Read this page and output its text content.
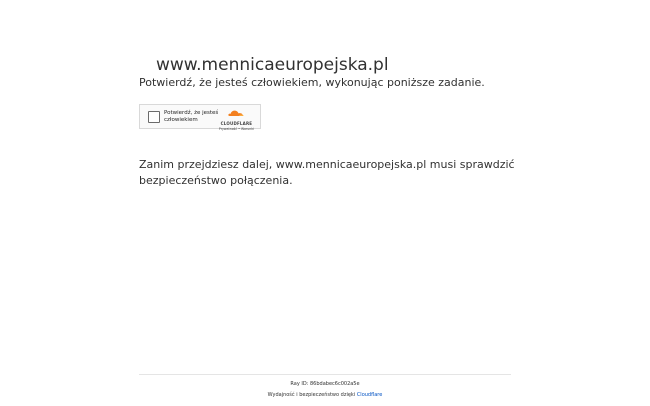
www.mennicaeuropejska.pl
Potwierdź, że jesteś człowiekiem, wykonując poniższe zadanie.
Potwierdź, że jesteś człowiekiem
CLOUDFLARE
Prywatność • Warunki
Zanim przejdziesz dalej, www.mennicaeuropejska.pl musi sprawdzić bezpieczeństwo połączenia.
Ray ID: 86bdabec6c002a5e
Wydajność i bezpieczeństwo dzięki Cloudflare
